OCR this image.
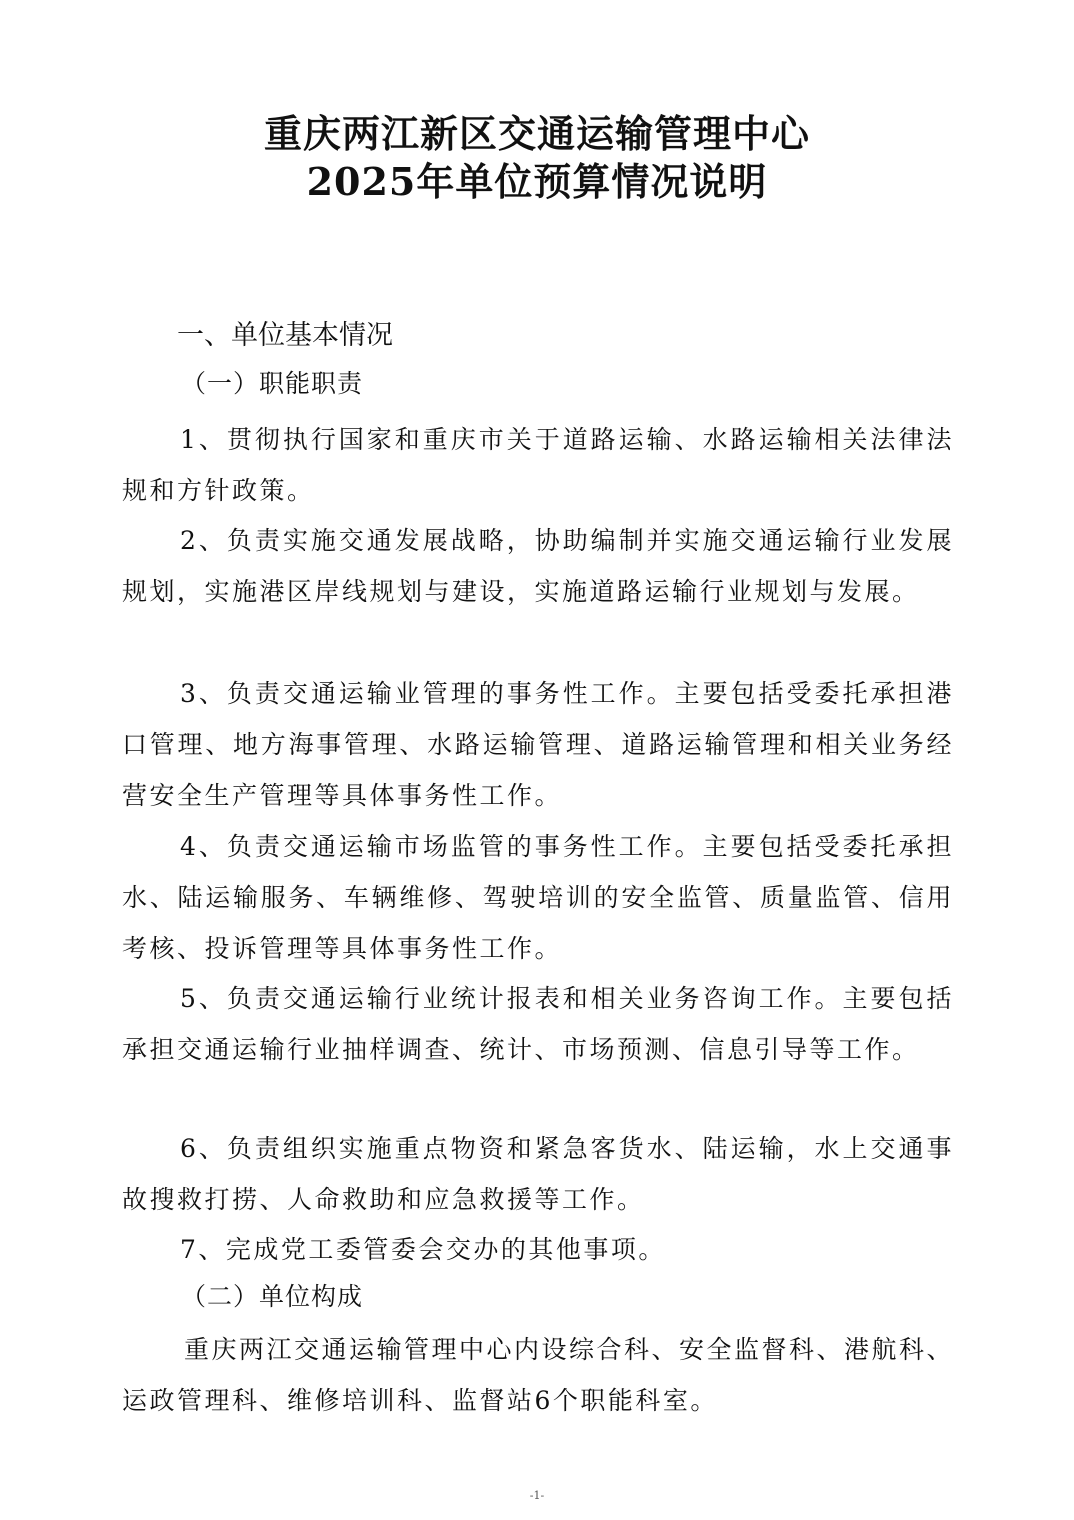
重庆两江新区交通运输管理中心
2025年单位预算情况说明
一、单位基本情况
（一）职能职责
1、贯彻执行国家和重庆市关于道路运输、水路运输相关法律法规和方针政策。
2、负责实施交通发展战略，协助编制并实施交通运输行业发展规划，实施港区岸线规划与建设，实施道路运输行业规划与发展。
3、负责交通运输业管理的事务性工作。主要包括受委托承担港口管理、地方海事管理、水路运输管理、道路运输管理和相关业务经营安全生产管理等具体事务性工作。
4、负责交通运输市场监管的事务性工作。主要包括受委托承担水、陆运输服务、车辆维修、驾驶培训的安全监管、质量监管、信用考核、投诉管理等具体事务性工作。
5、负责交通运输行业统计报表和相关业务咨询工作。主要包括承担交通运输行业抽样调查、统计、市场预测、信息引导等工作。
6、负责组织实施重点物资和紧急客货水、陆运输，水上交通事故搜救打捞、人命救助和应急救援等工作。
7、完成党工委管委会交办的其他事项。
（二）单位构成
重庆两江交通运输管理中心内设综合科、安全监督科、港航科、运政管理科、维修培训科、监督站6个职能科室。
-1-
